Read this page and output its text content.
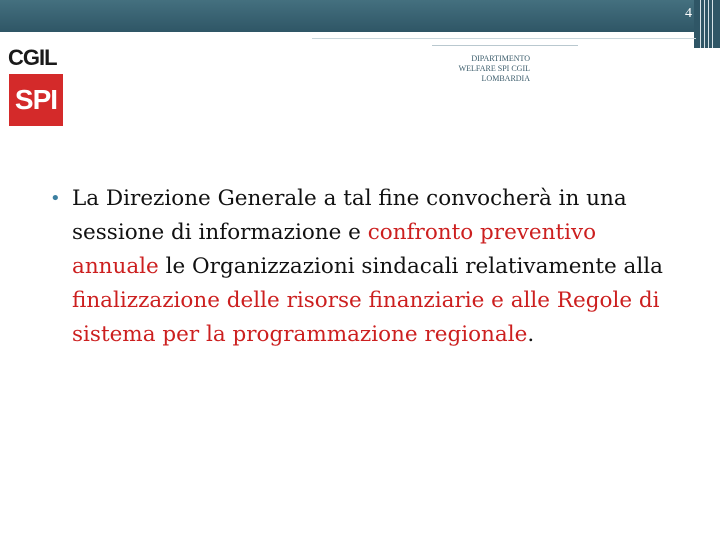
4
CGIL
SPI
DIPARTIMENTO
WELFARE SPI CGIL
LOMBARDIA
• La Direzione Generale a tal fine convocherà in una sessione di informazione e confronto preventivo annuale le Organizzazioni sindacali relativamente alla finalizzazione delle risorse finanziarie e alle Regole di sistema per la programmazione regionale.
